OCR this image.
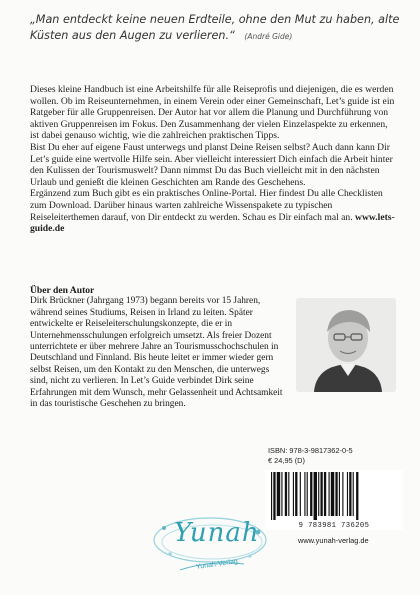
„Man entdeckt keine neuen Erdteile, ohne den Mut zu haben, alte Küsten aus den Augen zu verlieren.“ (André Gide)

Dieses kleine Handbuch ist eine Arbeitshilfe für alle Reiseprofis und diejenigen, die es werden wollen. Ob im Reiseunternehmen, in einem Verein oder einer Gemeinschaft, Let’s guide ist ein Ratgeber für alle Gruppenreisen. Der Autor hat vor allem die Planung und Durchführung von aktiven Gruppenreisen im Fokus. Den Zusammenhang der vielen Einzelaspekte zu erkennen, ist dabei genauso wichtig, wie die zahlreichen praktischen Tipps.

Bist Du eher auf eigene Faust unterwegs und planst Deine Reisen selbst? Auch dann kann Dir Let’s guide eine wertvolle Hilfe sein. Aber vielleicht interessiert Dich einfach die Arbeit hinter den Kulissen der Tourismuswelt? Dann nimmst Du das Buch vielleicht mit in den nächsten Urlaub und genießt die kleinen Geschichten am Rande des Geschehens.

Ergänzend zum Buch gibt es ein praktisches Online-Portal. Hier findest Du alle Checklisten zum Download. Darüber hinaus warten zahlreiche Wissenspakete zu typischen Reiseleiterthemen darauf, von Dir entdeckt zu werden. Schau es Dir einfach mal an. www.lets-guide.de

Über den Autor

Dirk Brückner (Jahrgang 1973) begann bereits vor 15 Jahren, während seines Studiums, Reisen in Irland zu leiten. Später entwickelte er Reiseleiterschulungskonzepte, die er in Unternehmensschulungen erfolgreich umsetzt. Als freier Dozent unterrichtete er über mehrere Jahre an Tourismusschochschulen in Deutschland und Finnland. Bis heute leitet er immer wieder gern selbst Reisen, um den Kontakt zu den Menschen, die unterwegs sind, nicht zu verlieren. In Let’s Guide verbindet Dirk seine Erfahrungen mit dem Wunsch, mehr Gelassenheit und Achtsamkeit in das touristische Geschehen zu bringen.

ISBN: 978-3-9817362-0-5
€ 24,95 (D)
9 783981 736205
www.yunah-verlag.de
Yunah
Yunah-Verlag
